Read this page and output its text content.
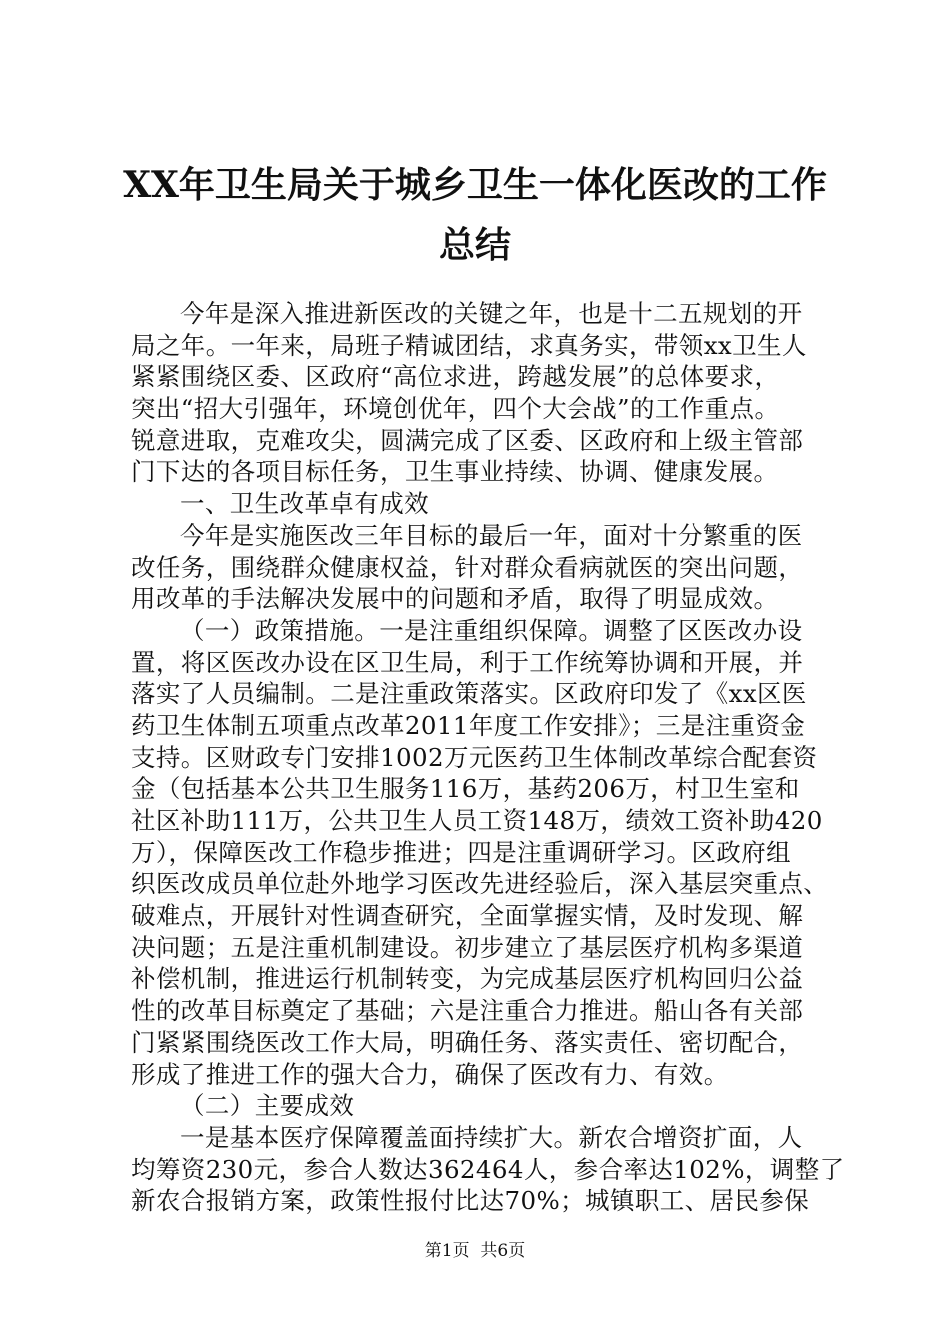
XX年卫生局关于城乡卫生一体化医改的工作
总结
今年是深入推进新医改的关键之年，也是十二五规划的开
局之年。一年来，局班子精诚团结，求真务实，带领xx卫生人
紧紧围绕区委、区政府“高位求进，跨越发展”的总体要求，
突出“招大引强年，环境创优年，四个大会战”的工作重点。
锐意进取，克难攻尖，圆满完成了区委、区政府和上级主管部
门下达的各项目标任务，卫生事业持续、协调、健康发展。
一、卫生改革卓有成效
今年是实施医改三年目标的最后一年，面对十分繁重的医
改任务，围绕群众健康权益，针对群众看病就医的突出问题，
用改革的手法解决发展中的问题和矛盾，取得了明显成效。
（一）政策措施。一是注重组织保障。调整了区医改办设
置，将区医改办设在区卫生局，利于工作统筹协调和开展，并
落实了人员编制。二是注重政策落实。区政府印发了《xx区医
药卫生体制五项重点改革2011年度工作安排》；三是注重资金
支持。区财政专门安排1002万元医药卫生体制改革综合配套资
金（包括基本公共卫生服务116万，基药206万，村卫生室和
社区补助111万，公共卫生人员工资148万，绩效工资补助420
万），保障医改工作稳步推进；四是注重调研学习。区政府组
织医改成员单位赴外地学习医改先进经验后，深入基层突重点、
破难点，开展针对性调查研究，全面掌握实情，及时发现、解
决问题；五是注重机制建设。初步建立了基层医疗机构多渠道
补偿机制，推进运行机制转变，为完成基层医疗机构回归公益
性的改革目标奠定了基础；六是注重合力推进。船山各有关部
门紧紧围绕医改工作大局，明确任务、落实责任、密切配合，
形成了推进工作的强大合力，确保了医改有力、有效。
（二）主要成效
一是基本医疗保障覆盖面持续扩大。新农合增资扩面，人
均筹资230元，参合人数达362464人，参合率达102%，调整了
新农合报销方案，政策性报付比达70%；城镇职工、居民参保
第1页  共6页
